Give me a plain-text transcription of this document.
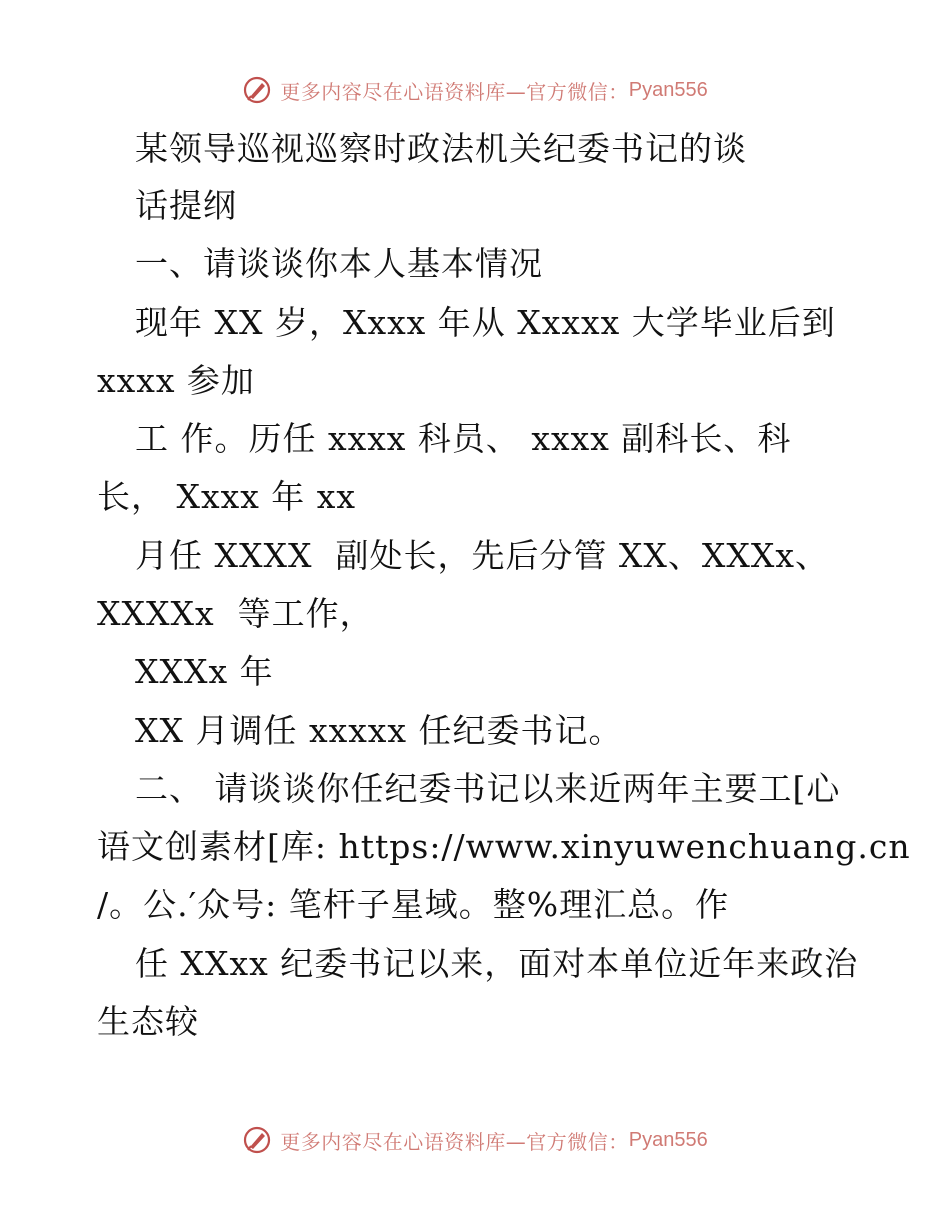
更多内容尽在心语资料库—官方微信： Pyan556
某领导巡视巡察时政法机关纪委书记的谈
话提纲
一、请谈谈你本人基本情况
现年 XX 岁，Xxxx 年从 Xxxxx 大学毕业后到
xxxx 参加
工 作。历任 xxxx 科员、 xxxx 副科长、科
长， Xxxx 年 xx
月任 XXXX  副处长，先后分管 XX、XXXx、
XXXXx  等工作，
XXXx 年
XX 月调任 xxxxx 任纪委书记。
二、 请谈谈你任纪委书记以来近两年主要工[心
语文创素材[库: https://www.xinyuwenchuang.cn
/。公.′众号: 笔杆子星域。整%理汇总。作
任 XXxx 纪委书记以来，面对本单位近年来政治
生态较
更多内容尽在心语资料库—官方微信： Pyan556
